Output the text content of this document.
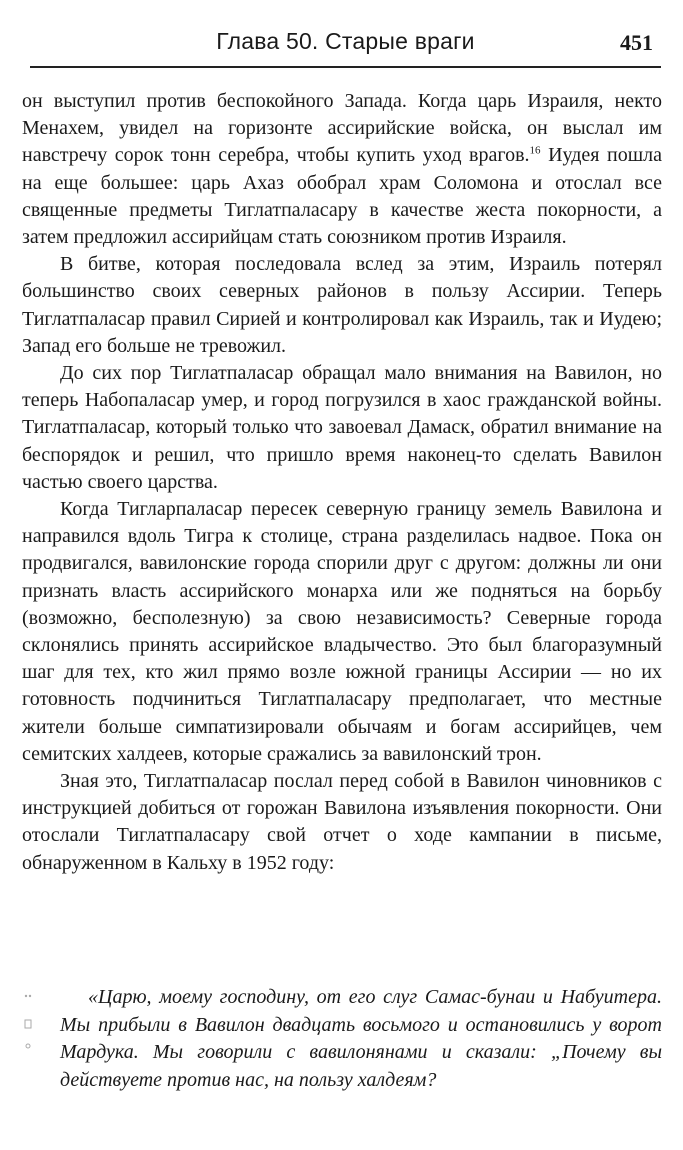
Глава 50. Старые враги	451

он выступил против беспокойного Запада. Когда царь Израиля, некто Менахем, увидел на горизонте ассирийские войска, он выслал им навстречу сорок тонн серебра, чтобы купить уход врагов.$^{16}$ Иудея пошла на еще большее: царь Ахаз обобрал храм Соломона и отослал все священные предметы Тиглатпаласару в качестве жеста покорности, а затем предложил ассирийцам стать союзником против Израиля.

В битве, которая последовала вслед за этим, Израиль потерял большинство своих северных районов в пользу Ассирии. Теперь Тиглатпаласар правил Сирией и контролировал как Израиль, так и Иудею; Запад его больше не тревожил.

До сих пор Тиглатпаласар обращал мало внимания на Вавилон, но теперь Набопаласар умер, и город погрузился в хаос гражданской войны. Тиглатпаласар, который только что завоевал Дамаск, обратил внимание на беспорядок и решил, что пришло время наконец-то сделать Вавилон частью своего царства.

Когда Тигларпаласар пересек северную границу земель Вавилона и направился вдоль Тигра к столице, страна разделилась надвое. Пока он продвигался, вавилонские города спорили друг с другом: должны ли они признать власть ассирийского монарха или же подняться на борьбу (возможно, бесполезную) за свою независимость? Северные города склонялись принять ассирийское владычество. Это был благоразумный шаг для тех, кто жил прямо возле южной границы Ассирии — но их готовность подчиниться Тиглатпаласару предполагает, что местные жители больше симпатизировали обычаям и богам ассирийцев, чем семитских халдеев, которые сражались за вавилонский трон.

Зная это, Тиглатпаласар послал перед собой в Вавилон чиновников с инструкцией добиться от горожан Вавилона изъявления покорности. Они отослали Тиглатпаласару свой отчет о ходе кампании в письме, обнаруженном в Кальху в 1952 году:

«Царю, моему господину, от его слуг Самас-бунаи и Набуитера. Мы прибыли в Вавилон двадцать восьмого и остановились у ворот Мардука. Мы говорили с вавилонянами и сказали: „Почему вы действуете против нас, на пользу халдеям?
